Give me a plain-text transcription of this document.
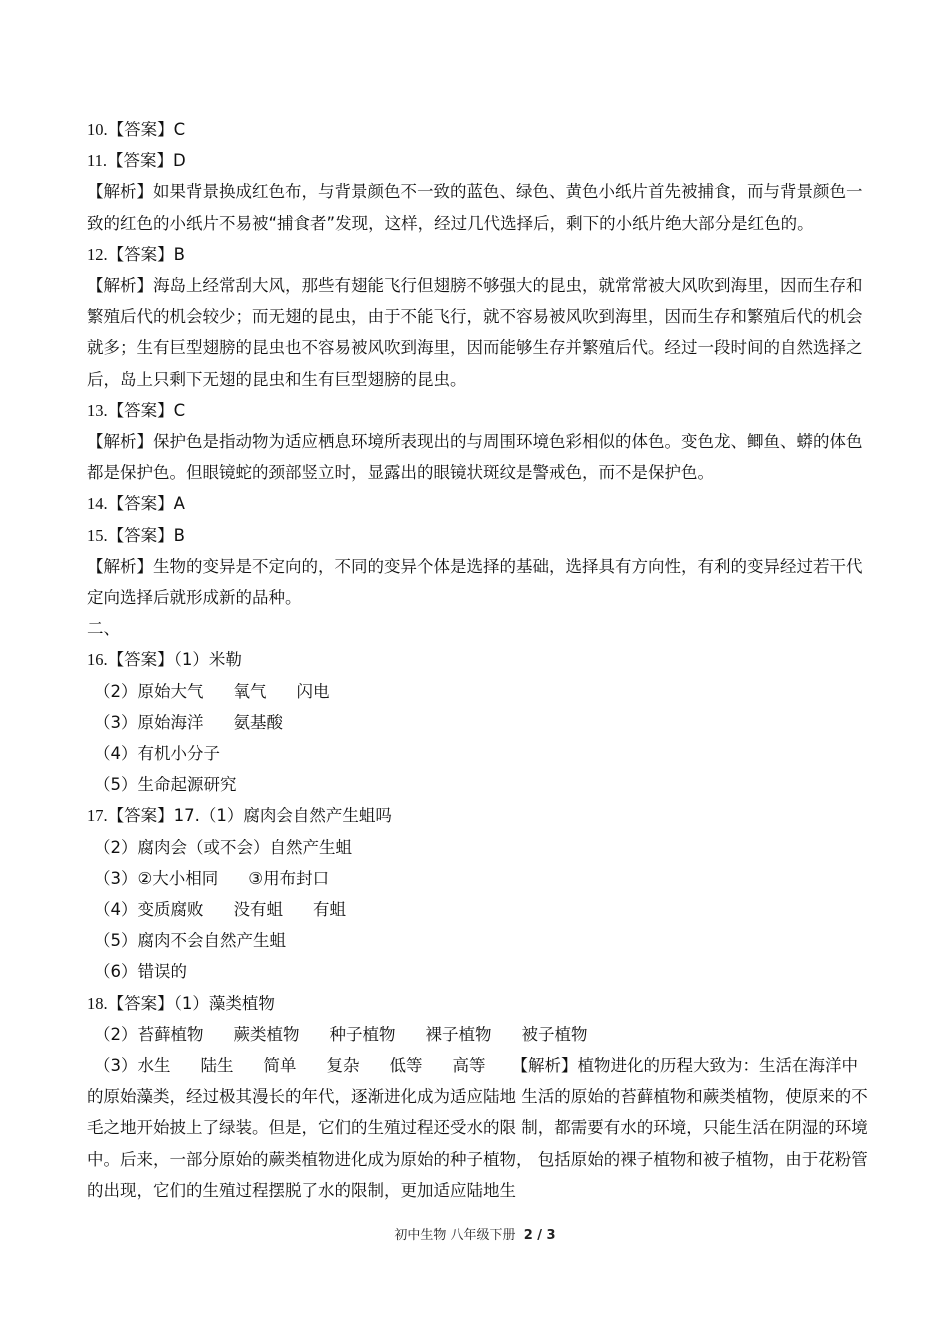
10.【答案】C
11.【答案】D
【解析】如果背景换成红色布，与背景颜色不一致的蓝色、绿色、黄色小纸片首先被捕食，而与背景颜色一
致的红色的小纸片不易被“捕食者”发现，这样，经过几代选择后，剩下的小纸片绝大部分是红色的。
12.【答案】B
【解析】海岛上经常刮大风，那些有翅能飞行但翅膀不够强大的昆虫，就常常被大风吹到海里，因而生存和
繁殖后代的机会较少；而无翅的昆虫，由于不能飞行，就不容易被风吹到海里，因而生存和繁殖后代的机会
就多；生有巨型翅膀的昆虫也不容易被风吹到海里，因而能够生存并繁殖后代。经过一段时间的自然选择之
后，岛上只剩下无翅的昆虫和生有巨型翅膀的昆虫。
13.【答案】C
【解析】保护色是指动物为适应栖息环境所表现出的与周围环境色彩相似的体色。变色龙、鲫鱼、蟒的体色
都是保护色。但眼镜蛇的颈部竖立时，显露出的眼镜状斑纹是警戒色，而不是保护色。
14.【答案】A
15.【答案】B
【解析】生物的变异是不定向的，不同的变异个体是选择的基础，选择具有方向性，有利的变异经过若干代
定向选择后就形成新的品种。
二、
16.【答案】（1）米勒
（2）原始大气 氧气 闪电
（3）原始海洋 氨基酸
（4）有机小分子
（5）生命起源研究
17.【答案】17.（1）腐肉会自然产生蛆吗
（2）腐肉会（或不会）自然产生蛆
（3）②大小相同 ③用布封口
（4）变质腐败 没有蛆 有蛆
（5）腐肉不会自然产生蛆
（6）错误的
18.【答案】（1）藻类植物
（2）苔藓植物 蕨类植物 种子植物 裸子植物 被子植物
（3）水生 陆生 简单 复杂 低等 高等 【解析】植物进化的历程大致为：生活在海洋中
的原始藻类，经过极其漫长的年代，逐渐进化成为适应陆地 生活的原始的苔藓植物和蕨类植物，使原来的不
毛之地开始披上了绿装。但是，它们的生殖过程还受水的限 制，都需要有水的环境，只能生活在阴湿的环境
中。后来，一部分原始的蕨类植物进化成为原始的种子植物， 包括原始的裸子植物和被子植物，由于花粉管
的出现，它们的生殖过程摆脱了水的限制，更加适应陆地生
初中生物 八年级下册 2 / 3
